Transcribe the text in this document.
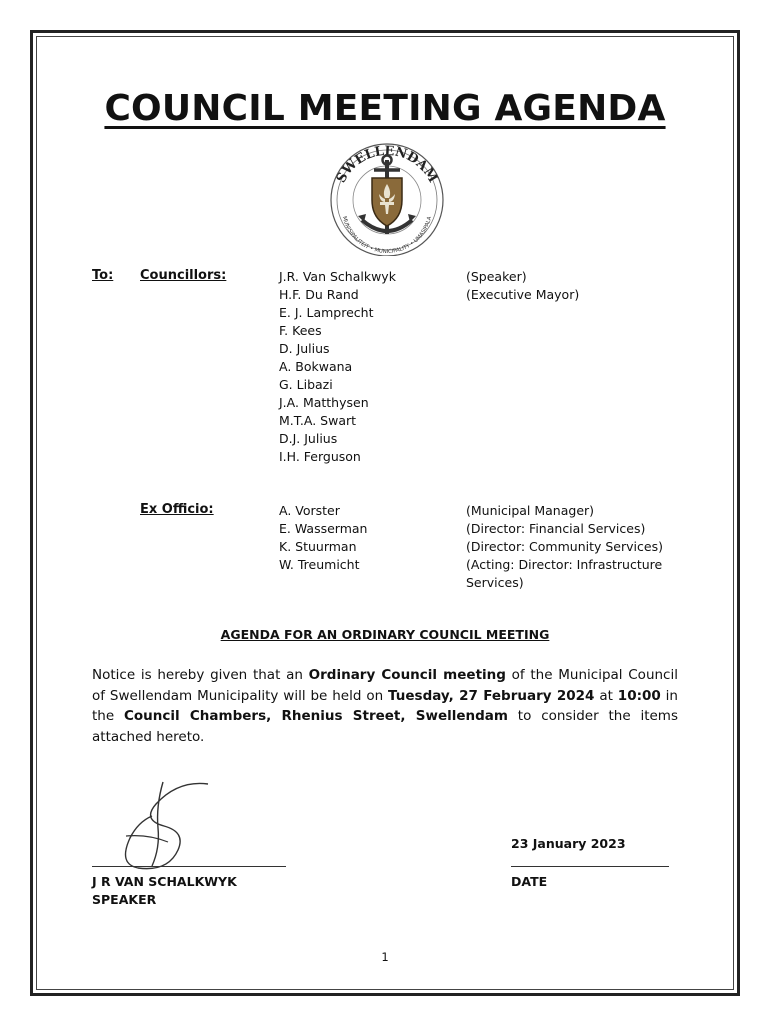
COUNCIL MEETING AGENDA
SWELLENDAM
MUNISIPALITEIT • MUNICIPALITY • UMASIPALA
To: Councillors:	J.R. Van Schalkwyk
H.F. Du Rand
E. J. Lamprecht
F. Kees
D. Julius
A. Bokwana
G. Libazi
J.A. Matthysen
M.T.A. Swart
D.J. Julius
I.H. Ferguson
(Speaker)
(Executive Mayor)
Ex Officio:	A. Vorster
E. Wasserman
K. Stuurman
W. Treumicht
(Municipal Manager)
(Director: Financial Services)
(Director: Community Services)
(Acting: Director: Infrastructure
Services)
AGENDA FOR AN ORDINARY COUNCIL MEETING
Notice is hereby given that an Ordinary Council meeting of the Municipal Council of Swellendam Municipality will be held on Tuesday, 27 February 2024 at 10:00 in the Council Chambers, Rhenius Street, Swellendam to consider the items attached hereto.
23 January 2023
J R VAN SCHALKWYK
SPEAKER
DATE
1
